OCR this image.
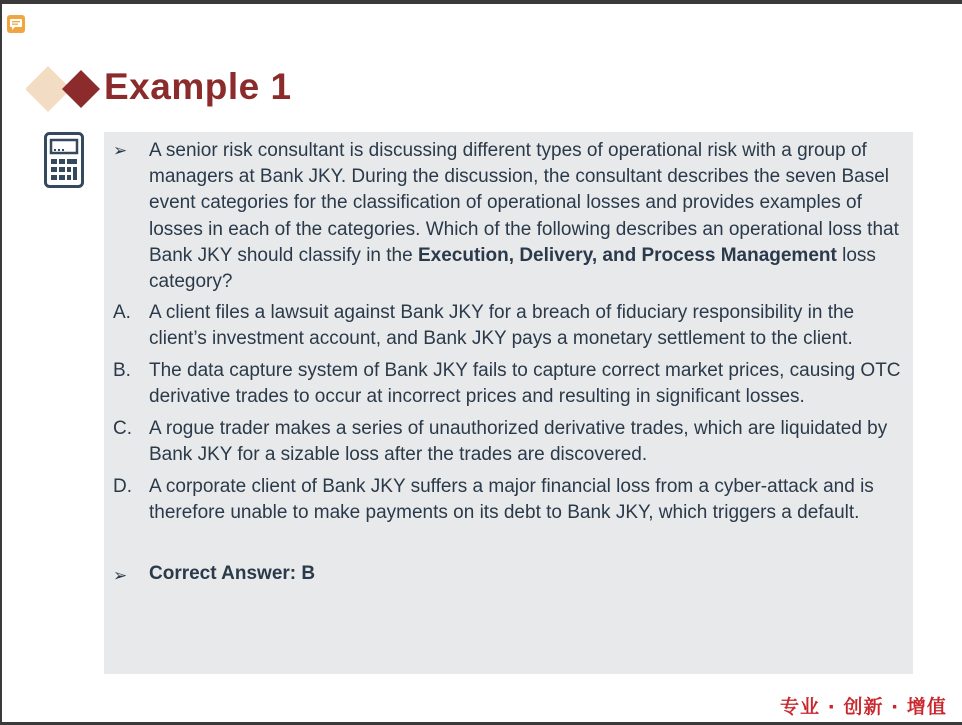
Example 1
➢ A senior risk consultant is discussing different types of operational risk with a group of managers at Bank JKY. During the discussion, the consultant describes the seven Basel event categories for the classification of operational losses and provides examples of losses in each of the categories. Which of the following describes an operational loss that Bank JKY should classify in the Execution, Delivery, and Process Management loss category?

A. A client files a lawsuit against Bank JKY for a breach of fiduciary responsibility in the client’s investment account, and Bank JKY pays a monetary settlement to the client.

B. The data capture system of Bank JKY fails to capture correct market prices, causing OTC derivative trades to occur at incorrect prices and resulting in significant losses.

C. A rogue trader makes a series of unauthorized derivative trades, which are liquidated by Bank JKY for a sizable loss after the trades are discovered.

D. A corporate client of Bank JKY suffers a major financial loss from a cyber-attack and is therefore unable to make payments on its debt to Bank JKY, which triggers a default.

➢ Correct Answer: B

专业 · 创新 · 增值
